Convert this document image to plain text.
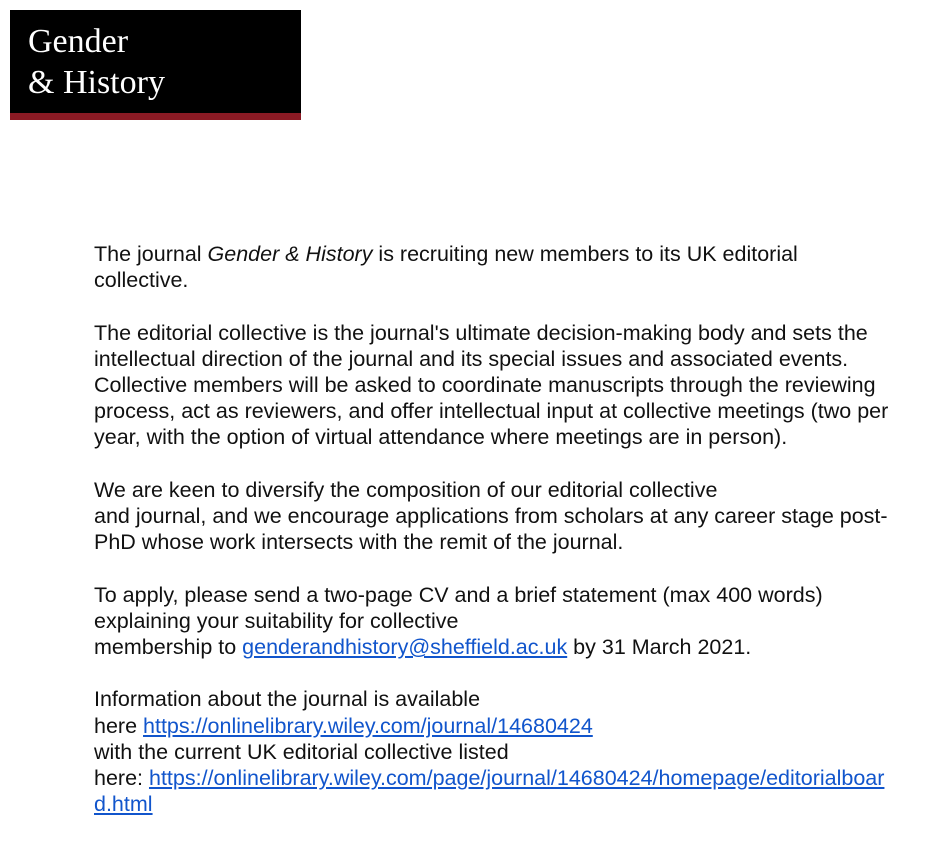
Gender
& History

The journal Gender & History is recruiting new members to its UK editorial collective.

The editorial collective is the journal's ultimate decision-making body and sets the intellectual direction of the journal and its special issues and associated events. Collective members will be asked to coordinate manuscripts through the reviewing process, act as reviewers, and offer intellectual input at collective meetings (two per year, with the option of virtual attendance where meetings are in person).

We are keen to diversify the composition of our editorial collective
and journal, and we encourage applications from scholars at any career stage post-PhD whose work intersects with the remit of the journal.

To apply, please send a two-page CV and a brief statement (max 400 words) explaining your suitability for collective
membership to genderandhistory@sheffield.ac.uk by 31 March 2021.

Information about the journal is available
here https://onlinelibrary.wiley.com/journal/14680424
with the current UK editorial collective listed
here: https://onlinelibrary.wiley.com/page/journal/14680424/homepage/editorialboard.html
